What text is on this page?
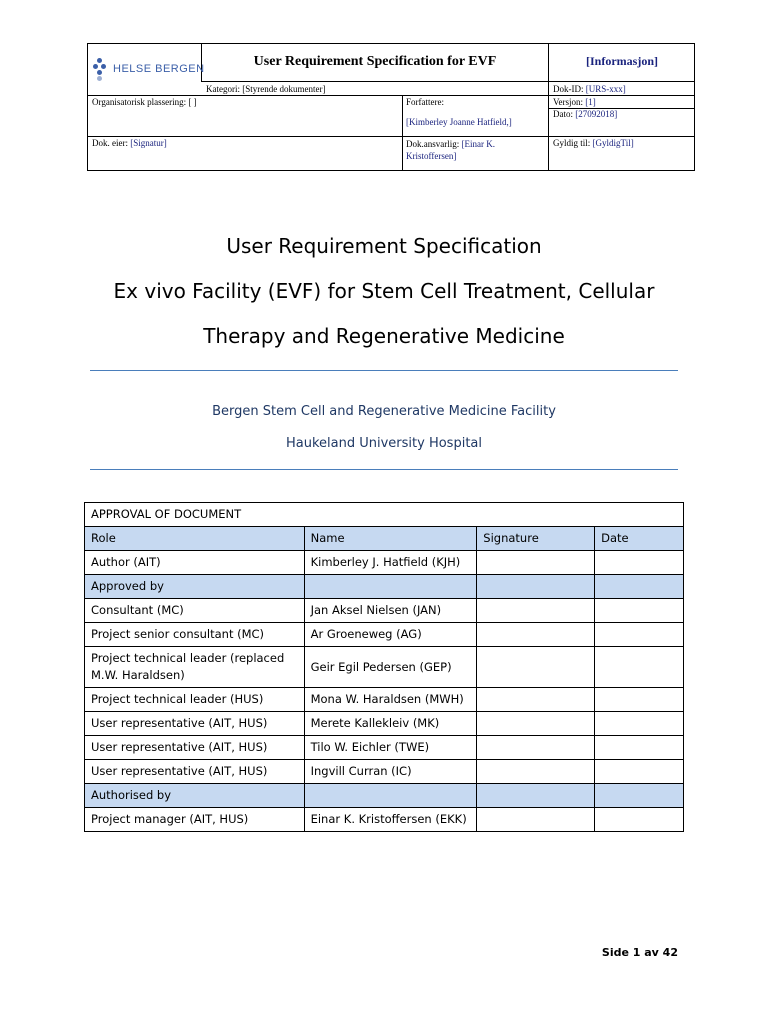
HELSE BERGEN	User Requirement Specification for EVF	[Informasjon]
Kategori: [Styrende dokumenter]	Dok-ID: [URS-xxx]
Organisatorisk plassering: [ ]	Forfattere:
[Kimberley Joanne Hatfield,]
Versjon: [1]
Dato: [27092018]
Dok. eier: [Signatur]	Dok.ansvarlig: [Einar K. Kristoffersen]
Gyldig til: [GyldigTil]
User Requirement Specification
Ex vivo Facility (EVF) for Stem Cell Treatment, Cellular
Therapy and Regenerative Medicine
Bergen Stem Cell and Regenerative Medicine Facility
Haukeland University Hospital
APPROVAL OF DOCUMENT			
Role	Name	Signature	Date
Author (AIT)	Kimberley J. Hatfield (KJH)		
Approved by			
Consultant (MC)	Jan Aksel Nielsen (JAN)		
Project senior consultant (MC)	Ar Groeneweg (AG)		
Project technical leader (replaced M.W. Haraldsen)	Geir Egil Pedersen (GEP)		
Project technical leader (HUS)	Mona W. Haraldsen (MWH)		
User representative (AIT, HUS)	Merete Kallekleiv (MK)		
User representative (AIT, HUS)	Tilo W. Eichler (TWE)		
User representative (AIT, HUS)	Ingvill Curran (IC)		
Authorised by			
Project manager (AIT, HUS)	Einar K. Kristoffersen (EKK)		
Side 1 av 42
